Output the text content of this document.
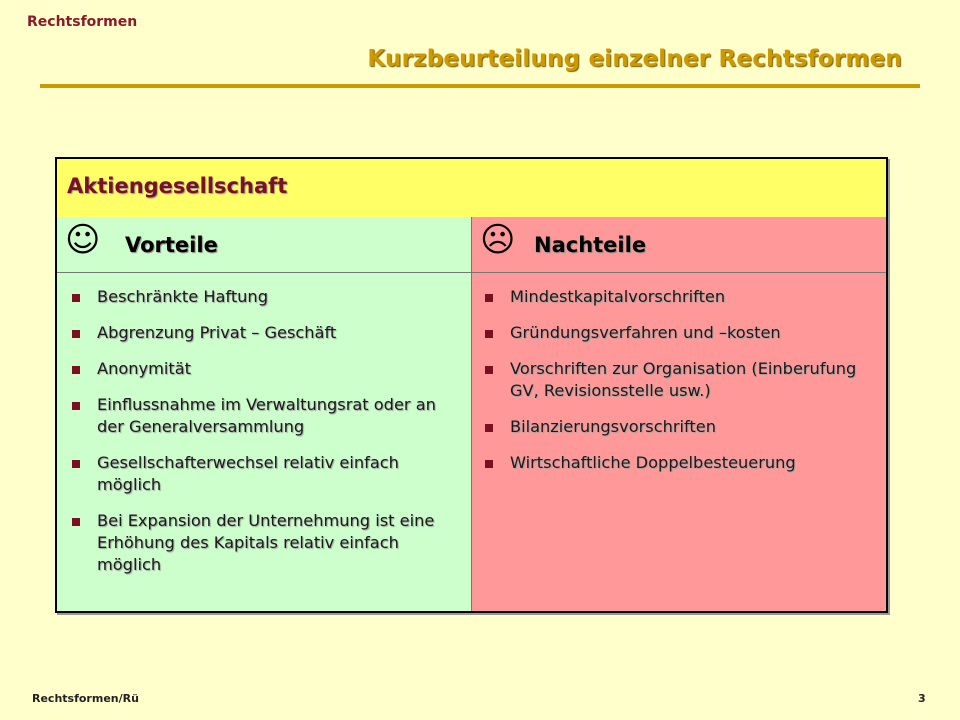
Rechtsformen
Kurzbeurteilung einzelner Rechtsformen
Aktiengesellschaft
☺ Vorteile
Beschränkte Haftung
Abgrenzung Privat – Geschäft
Anonymität
Einflussnahme im Verwaltungsrat oder an der Generalversammlung
Gesellschafterwechsel relativ einfach möglich
Bei Expansion der Unternehmung ist eine Erhöhung des Kapitals relativ einfach möglich
☹ Nachteile
Mindestkapitalvorschriften
Gründungsverfahren und –kosten
Vorschriften zur Organisation (Einberufung GV, Revisionsstelle usw.)
Bilanzierungsvorschriften
Wirtschaftliche Doppelbesteuerung
Rechtsformen/Rü	3
